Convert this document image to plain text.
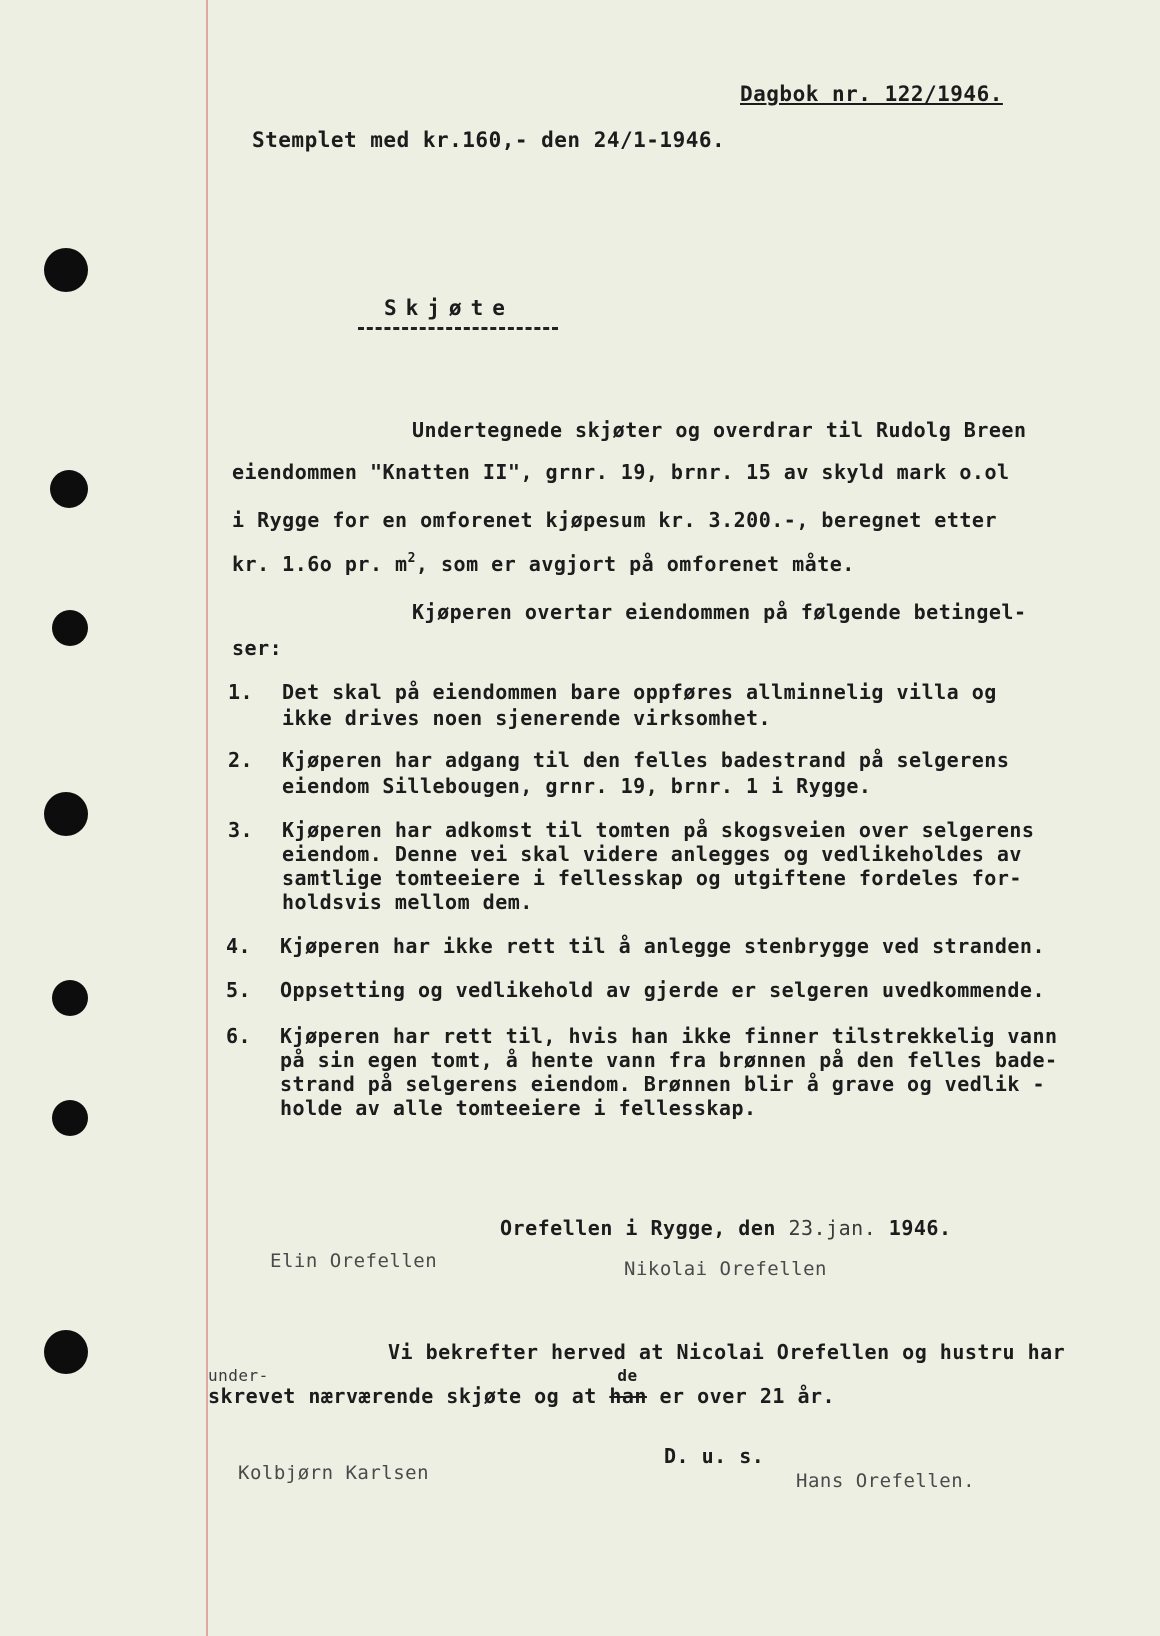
Dagbok nr. 122/1946.
Stemplet med kr.160,- den 24/1-1946.
Skjøte
Undertegnede skjøter og overdrar til Rudolg Breen
eiendommen "Knatten II", grnr. 19, brnr. 15 av skyld mark o.ol
i Rygge for en omforenet kjøpesum kr. 3.200.-, beregnet etter
kr. 1.6o pr. $m^2$, som er avgjort på omforenet måte.
Kjøperen overtar eiendommen på følgende betingel-
ser:
1. Det skal på eiendommen bare oppføres allminnelig villa og
ikke drives noen sjenerende virksomhet.
2. Kjøperen har adgang til den felles badestrand på selgerens
eiendom Sillebougen, grnr. 19, brnr. 1 i Rygge.
3. Kjøperen har adkomst til tomten på skogsveien over selgerens
eiendom. Denne vei skal videre anlegges og vedlikeholdes av
samtlige tomteeiere i fellesskap og utgiftene fordeles for-
holdsvis mellom dem.
4. Kjøperen har ikke rett til å anlegge stenbrygge ved stranden.
5. Oppsetting og vedlikehold av gjerde er selgeren uvedkommende.
6. Kjøperen har rett til, hvis han ikke finner tilstrekkelig vann
på sin egen tomt, å hente vann fra brønnen på den felles bade-
strand på selgerens eiendom. Brønnen blir å grave og vedlik -
holde av alle tomteeiere i fellesskap.
Orefellen i Rygge, den 23.jan. 1946.
Elin Orefellen	Nikolai Orefellen
Vi bekrefter herved at Nicolai Orefellen og hustru har
under-
skrevet nærværende skjøte og at
de
han er over 21 år.
D. u. s.
Kolbjørn Karlsen	Hans Orefellen.
